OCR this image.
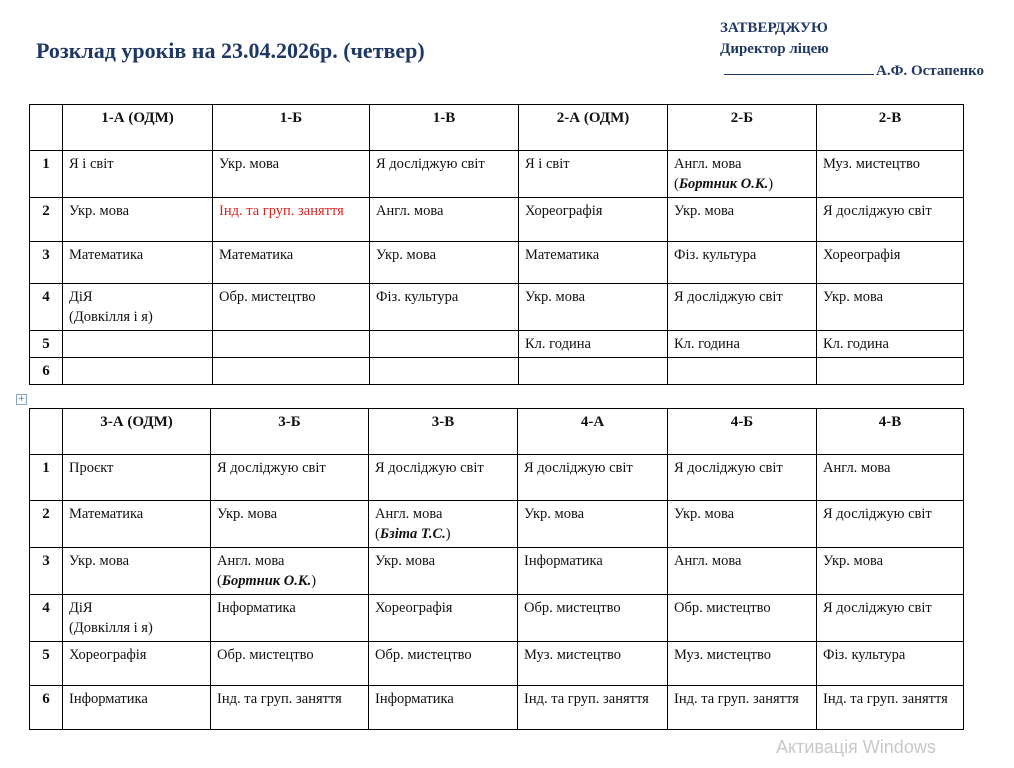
Розклад уроків на 23.04.2026р. (четвер)
ЗАТВЕРДЖУЮ
Директор ліцею
А.Ф. Остапенко
	1-А (ОДМ)	1-Б	1-В	2-А (ОДМ)	2-Б	2-В
1	Я і світ	Укр. мова	Я досліджую світ	Я і світ	Англ. мова
(Бортник О.К.)	Муз. мистецтво
2	Укр. мова	Інд. та груп. заняття	Англ. мова	Хореографія	Укр. мова	Я досліджую світ
3	Математика	Математика	Укр. мова	Математика	Фіз. культура	Хореографія
4	ДіЯ
(Довкілля і я)	Обр. мистецтво	Фіз. культура	Укр. мова	Я досліджую світ	Укр. мова
5				Кл. година	Кл. година	Кл. година
6						
+
	3-А (ОДМ)	3-Б	3-В	4-А	4-Б	4-В
1	Проєкт	Я досліджую світ	Я досліджую світ	Я досліджую світ	Я досліджую світ	Англ. мова
2	Математика	Укр. мова	Англ. мова
(Бзіта Т.С.)	Укр. мова	Укр. мова	Я досліджую світ
3	Укр. мова	Англ. мова
(Бортник О.К.)	Укр. мова	Інформатика	Англ. мова	Укр. мова
4	ДіЯ
(Довкілля і я)	Інформатика	Хореографія	Обр. мистецтво	Обр. мистецтво	Я досліджую світ
5	Хореографія	Обр. мистецтво	Обр. мистецтво	Муз. мистецтво	Муз. мистецтво	Фіз. культура
6	Інформатика	Інд. та груп. заняття	Інформатика	Інд. та груп. заняття	Інд. та груп. заняття	Інд. та груп. заняття
Активація Windows
